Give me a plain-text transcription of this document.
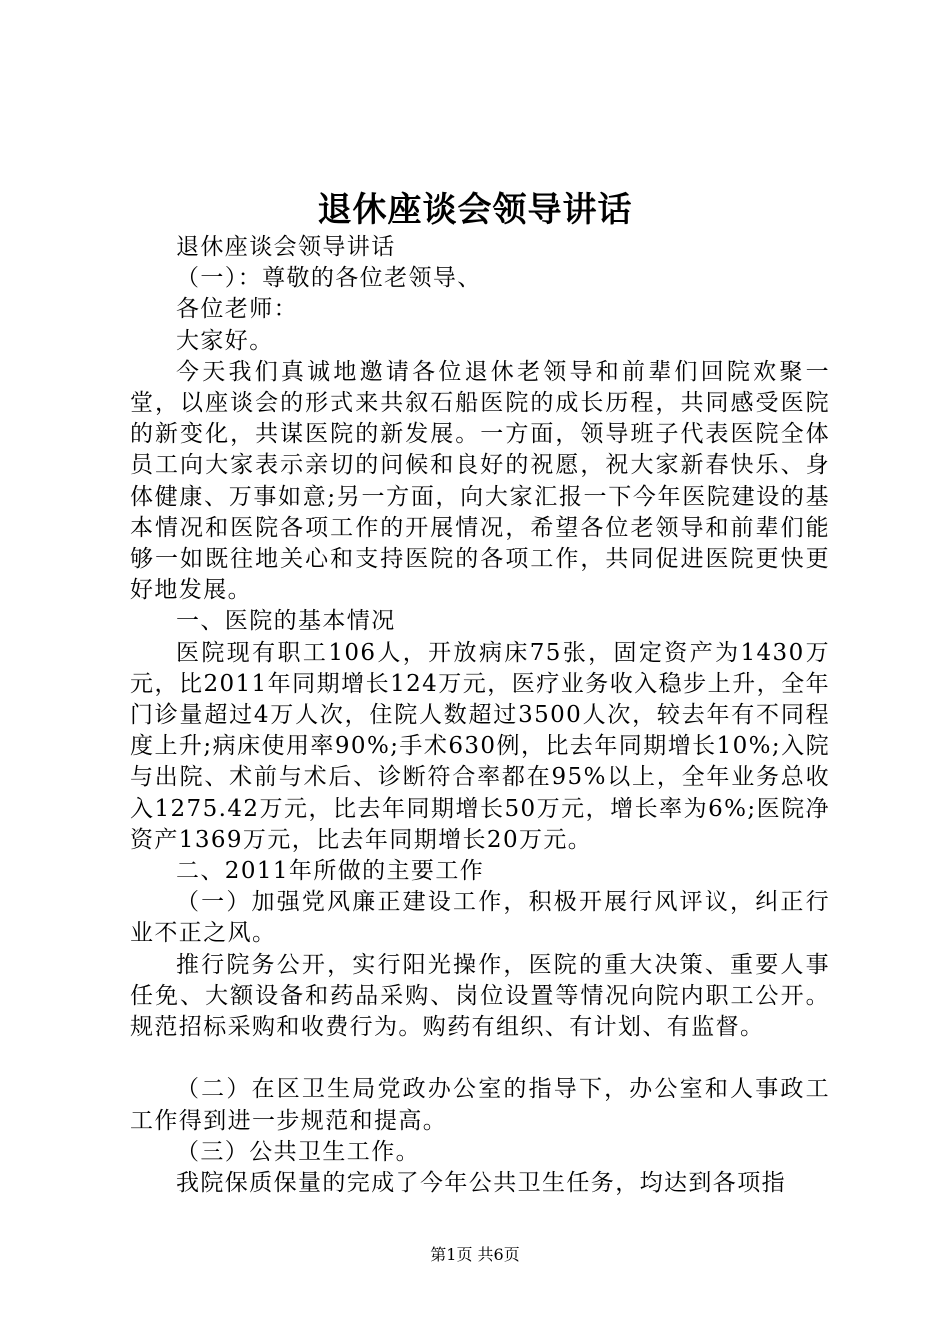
退休座谈会领导讲话

退休座谈会领导讲话

（一）：尊敬的各位老领导、

各位老师：

大家好。

今天我们真诚地邀请各位退休老领导和前辈们回院欢聚一堂，以座谈会的形式来共叙石船医院的成长历程，共同感受医院的新变化，共谋医院的新发展。一方面，领导班子代表医院全体员工向大家表示亲切的问候和良好的祝愿，祝大家新春快乐、身体健康、万事如意;另一方面，向大家汇报一下今年医院建设的基本情况和医院各项工作的开展情况，希望各位老领导和前辈们能够一如既往地关心和支持医院的各项工作，共同促进医院更快更好地发展。

一、医院的基本情况

医院现有职工106人，开放病床75张，固定资产为1430万元，比2011年同期增长124万元，医疗业务收入稳步上升，全年门诊量超过4万人次，住院人数超过3500人次，较去年有不同程度上升;病床使用率90%;手术630例，比去年同期增长10%;入院与出院、术前与术后、诊断符合率都在95%以上，全年业务总收入1275.42万元，比去年同期增长50万元，增长率为6%;医院净资产1369万元，比去年同期增长20万元。

二、2011年所做的主要工作

（一）加强党风廉正建设工作，积极开展行风评议，纠正行业不正之风。

推行院务公开，实行阳光操作，医院的重大决策、重要人事任免、大额设备和药品采购、岗位设置等情况向院内职工公开。规范招标采购和收费行为。购药有组织、有计划、有监督。

（二）在区卫生局党政办公室的指导下，办公室和人事政工工作得到进一步规范和提高。

（三）公共卫生工作。

我院保质保量的完成了今年公共卫生任务，均达到各项指

第1页 共6页
